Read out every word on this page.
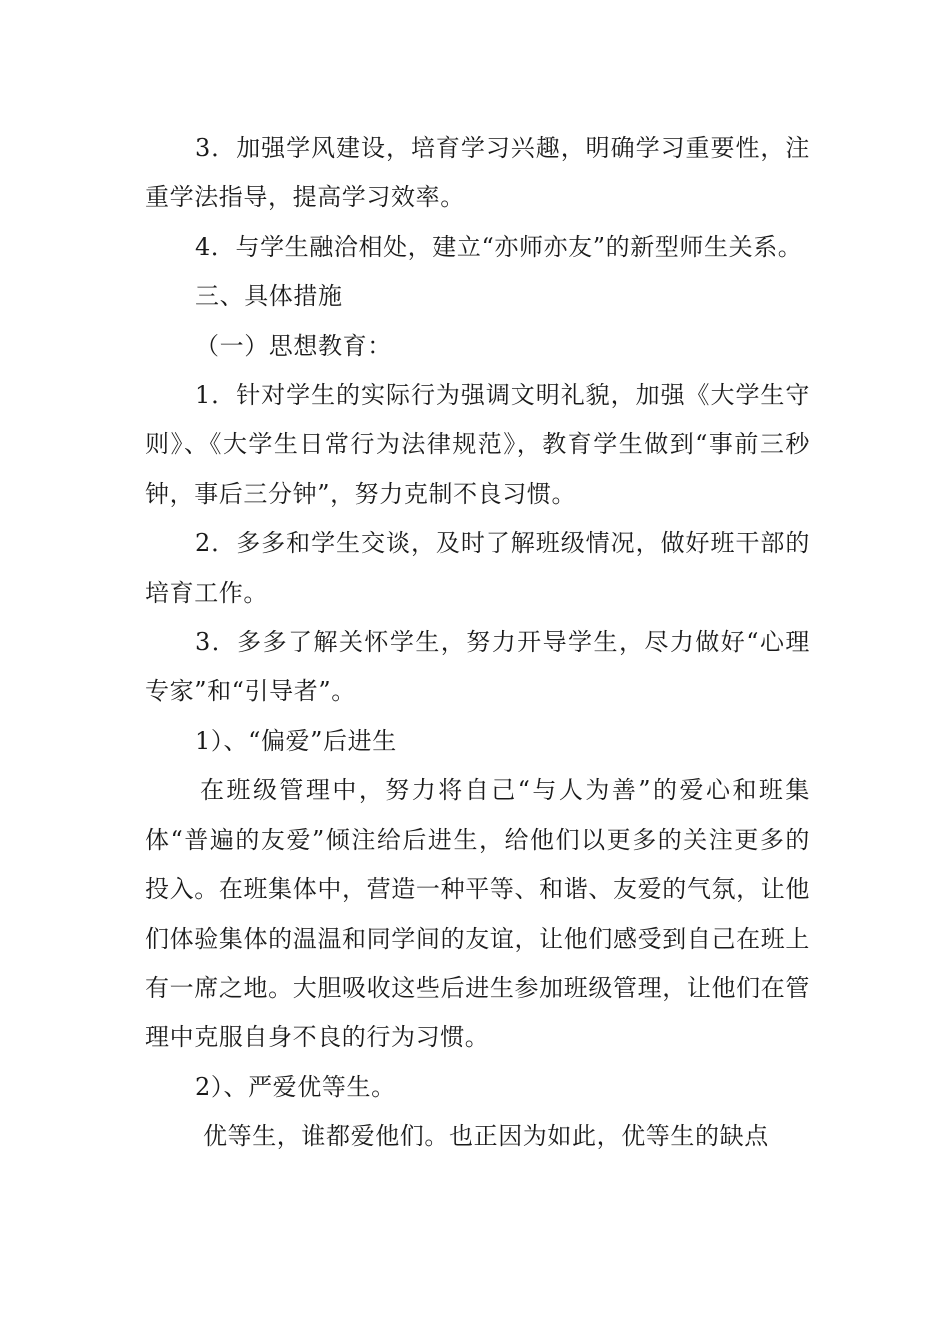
3．加强学风建设，培育学习兴趣，明确学习重要性，注重学法指导，提高学习效率。

4．与学生融洽相处，建立“亦师亦友”的新型师生关系。

三、具体措施

（一）思想教育：

1．针对学生的实际行为强调文明礼貌，加强《大学生守则》、《大学生日常行为法律规范》，教育学生做到“事前三秒钟，事后三分钟”，努力克制不良习惯。

2．多多和学生交谈，及时了解班级情况，做好班干部的培育工作。

3．多多了解关怀学生，努力开导学生，尽力做好“心理专家”和“引导者”。

1）、“偏爱”后进生

在班级管理中，努力将自己“与人为善”的爱心和班集体“普遍的友爱”倾注给后进生，给他们以更多的关注更多的投入。在班集体中，营造一种平等、和谐、友爱的气氛，让他们体验集体的温温和同学间的友谊，让他们感受到自己在班上有一席之地。大胆吸收这些后进生参加班级管理，让他们在管理中克服自身不良的行为习惯。

2）、严爱优等生。

优等生，谁都爱他们。也正因为如此，优等生的缺点
